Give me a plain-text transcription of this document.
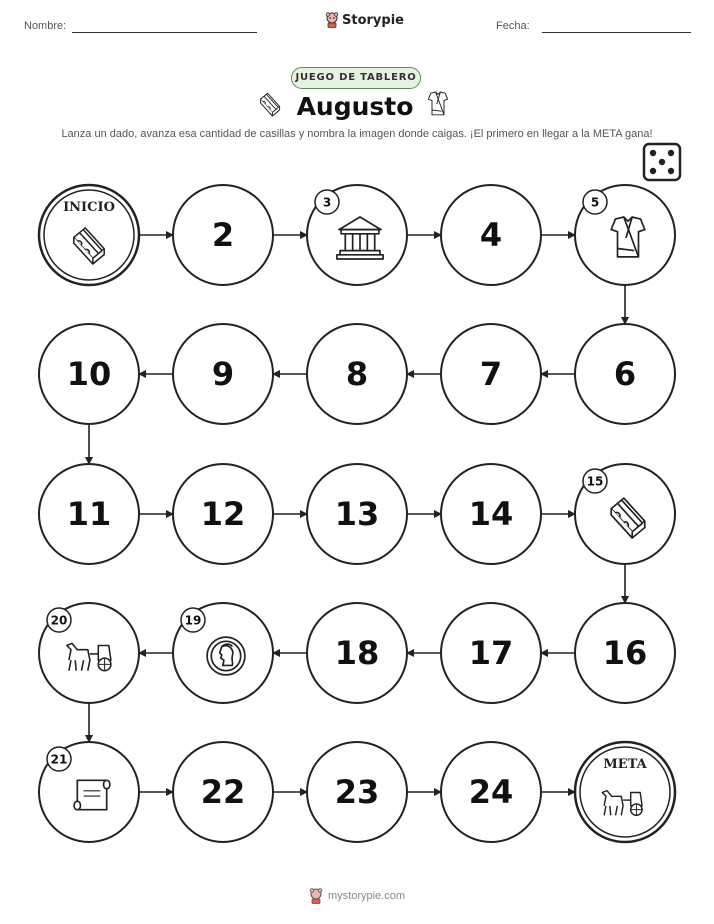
Nombre:	Storypie	Fecha:
JUEGO DE TABLERO
Augusto
Lanza un dado, avanza esa cantidad de casillas y nombra la imagen donde caigas. ¡El primero en llegar a la META gana!
INICIO
2
3
4
5
6
7
8
9
10
11	12	13	14
15
16
17
18
19
20
21
22	23	24
META
mystorypie.com
